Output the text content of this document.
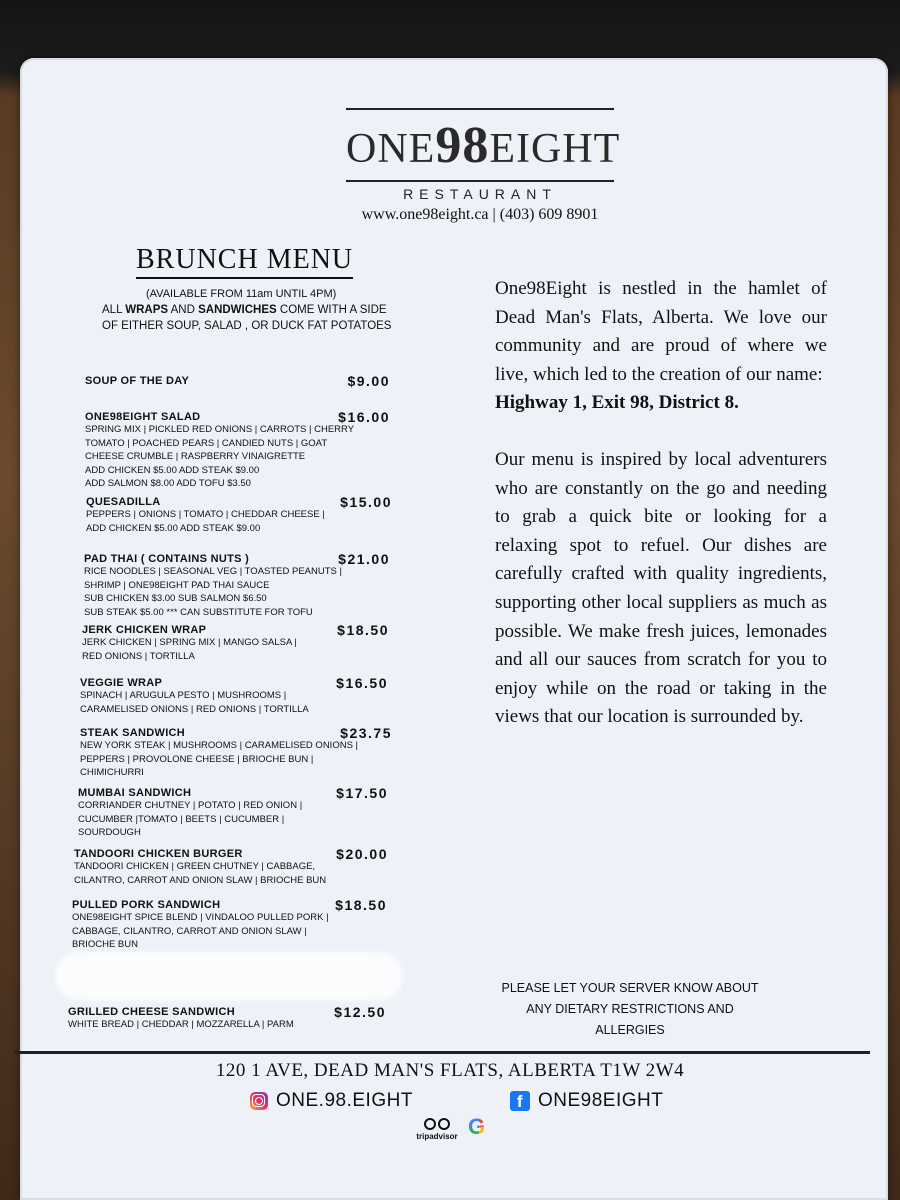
ONE98EIGHT
RESTAURANT
www.one98eight.ca | (403) 609 8901
BRUNCH MENU
(AVAILABLE FROM 11am UNTIL 4PM)
ALL WRAPS AND SANDWICHES COME WITH A SIDE OF EITHER SOUP, SALAD , OR DUCK FAT POTATOES
SOUP OF THE DAY	$9.00
ONE98EIGHT SALAD	$16.00
SPRING MIX | PICKLED RED ONIONS | CARROTS | CHERRY
TOMATO | POACHED PEARS | CANDIED NUTS | GOAT
CHEESE CRUMBLE | RASPBERRY VINAIGRETTE
ADD CHICKEN $5.00 ADD STEAK $9.00
ADD SALMON $8.00 ADD TOFU $3.50
QUESADILLA	$15.00
PEPPERS | ONIONS | TOMATO | CHEDDAR CHEESE |
ADD CHICKEN $5.00 ADD STEAK $9.00
PAD THAI ( CONTAINS NUTS )	$21.00
RICE NOODLES | SEASONAL VEG | TOASTED PEANUTS |
SHRIMP | ONE98EIGHT PAD THAI SAUCE
SUB CHICKEN $3.00 SUB SALMON $6.50
SUB STEAK $5.00 *** CAN SUBSTITUTE FOR TOFU
JERK CHICKEN WRAP	$18.50
JERK CHICKEN | SPRING MIX | MANGO SALSA |
RED ONIONS | TORTILLA
VEGGIE WRAP	$16.50
SPINACH | ARUGULA PESTO | MUSHROOMS |
CARAMELISED ONIONS | RED ONIONS | TORTILLA
STEAK SANDWICH	$23.75
NEW YORK STEAK | MUSHROOMS | CARAMELISED ONIONS |
PEPPERS | PROVOLONE CHEESE | BRIOCHE BUN |
CHIMICHURRI
MUMBAI SANDWICH	$17.50
CORRIANDER CHUTNEY | POTATO | RED ONION |
CUCUMBER |TOMATO | BEETS | CUCUMBER |
SOURDOUGH
TANDOORI CHICKEN BURGER	$20.00
TANDOORI CHICKEN | GREEN CHUTNEY | CABBAGE,
CILANTRO, CARROT AND ONION SLAW | BRIOCHE BUN
PULLED PORK SANDWICH	$18.50
ONE98EIGHT SPICE BLEND | VINDALOO PULLED PORK |
CABBAGE, CILANTRO, CARROT AND ONION SLAW |
BRIOCHE BUN
GRILLED CHEESE SANDWICH	$12.50
WHITE BREAD | CHEDDAR | MOZZARELLA | PARM

One98Eight is nestled in the hamlet of Dead Man's Flats, Alberta. We love our community and are proud of where we live, which led to the creation of our name:

Highway 1, Exit 98, District 8.

Our menu is inspired by local adventurers who are constantly on the go and needing to grab a quick bite or looking for a relaxing spot to refuel. Our dishes are carefully crafted with quality ingredients, supporting other local suppliers as much as possible. We make fresh juices, lemonades and all our sauces from scratch for you to enjoy while on the road or taking in the views that our location is surrounded by.

PLEASE LET YOUR SERVER KNOW ABOUT ANY DIETARY RESTRICTIONS AND ALLERGIES
120 1 AVE, DEAD MAN'S FLATS, ALBERTA T1W 2W4
ONE.98.EIGHT	f ONE98EIGHT
tripadvisor G
